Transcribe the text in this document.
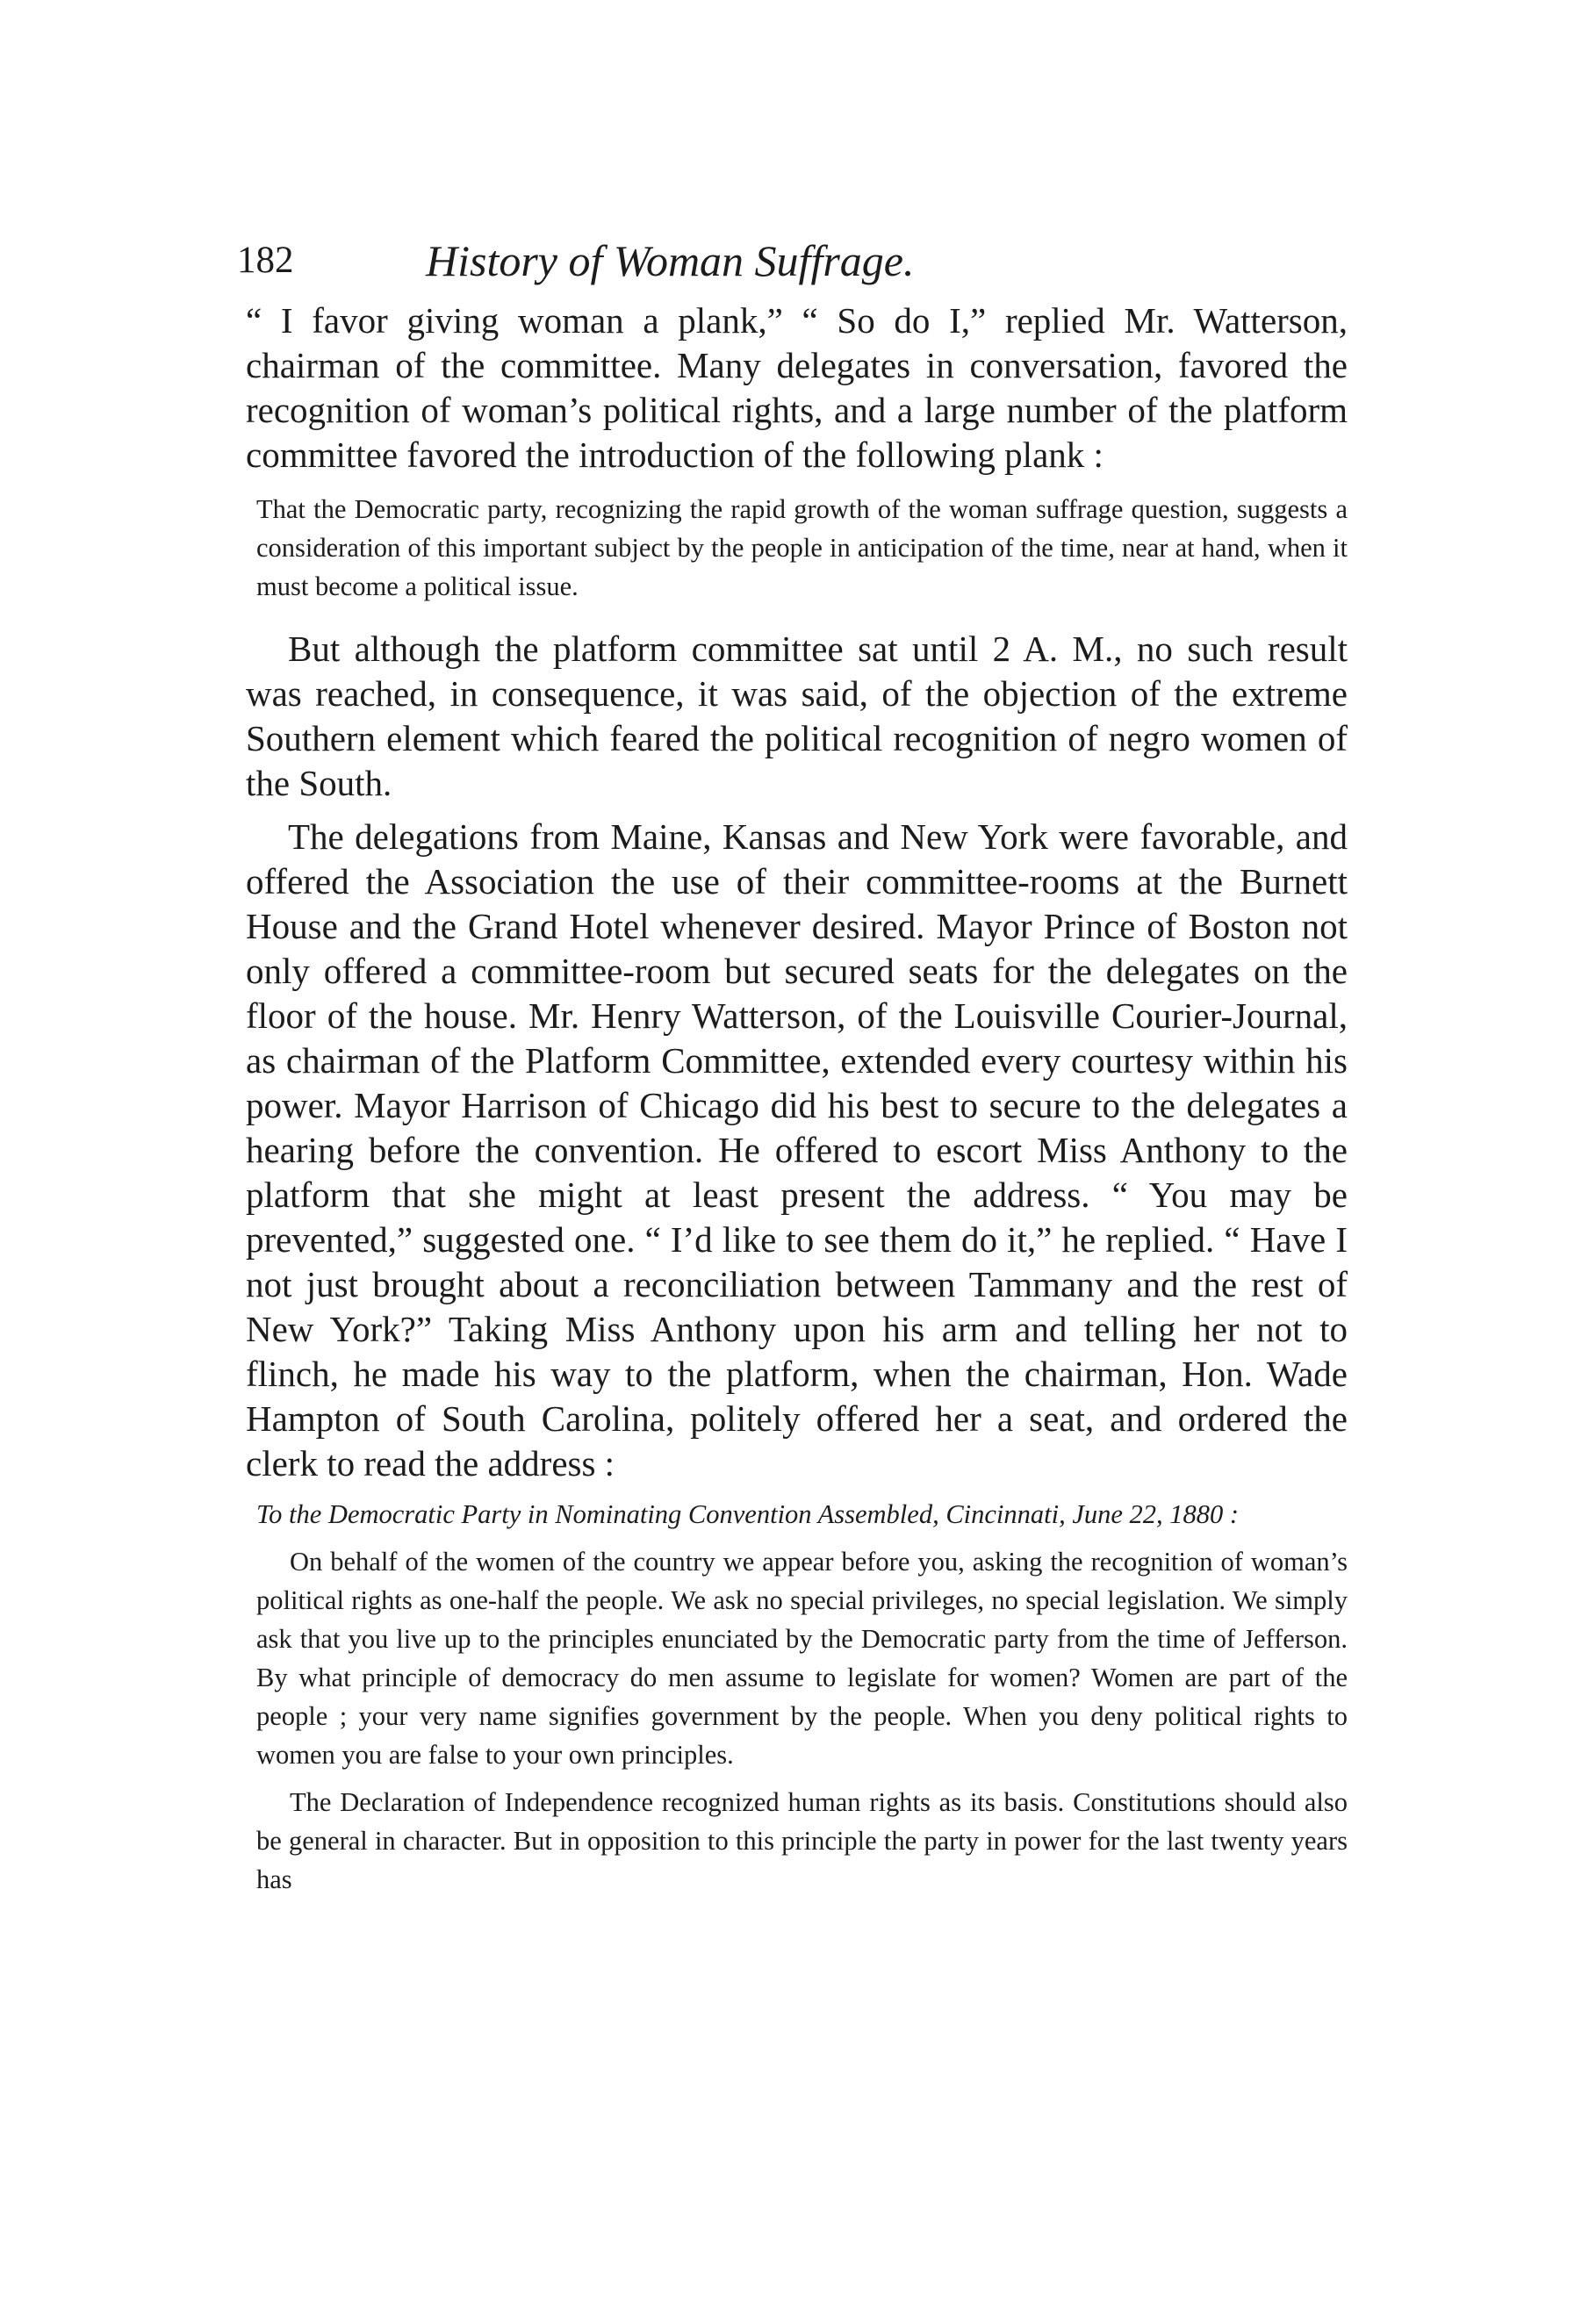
182	History of Woman Suffrage.

“ I favor giving woman a plank,” “ So do I,” replied Mr. Watterson, chairman of the committee. Many delegates in conversation, favored the recognition of woman’s political rights, and a large number of the platform committee favored the introduction of the following plank :

That the Democratic party, recognizing the rapid growth of the woman suffrage question, suggests a consideration of this important subject by the people in anticipation of the time, near at hand, when it must become a political issue.

But although the platform committee sat until 2 A. M., no such result was reached, in consequence, it was said, of the objection of the extreme Southern element which feared the political recognition of negro women of the South.

The delegations from Maine, Kansas and New York were favorable, and offered the Association the use of their committee-rooms at the Burnett House and the Grand Hotel whenever desired. Mayor Prince of Boston not only offered a committee-room but secured seats for the delegates on the floor of the house. Mr. Henry Watterson, of the Louisville Courier-Journal, as chairman of the Platform Committee, extended every courtesy within his power. Mayor Harrison of Chicago did his best to secure to the delegates a hearing before the convention. He offered to escort Miss Anthony to the platform that she might at least present the address. “ You may be prevented,” suggested one. “ I’d like to see them do it,” he replied. “ Have I not just brought about a reconciliation between Tammany and the rest of New York?” Taking Miss Anthony upon his arm and telling her not to flinch, he made his way to the platform, when the chairman, Hon. Wade Hampton of South Carolina, politely offered her a seat, and ordered the clerk to read the address :

To the Democratic Party in Nominating Convention Assembled, Cincinnati, June 22, 1880 :

On behalf of the women of the country we appear before you, asking the recognition of woman’s political rights as one-half the people. We ask no special privileges, no special legislation. We simply ask that you live up to the principles enunciated by the Democratic party from the time of Jefferson. By what principle of democracy do men assume to legislate for women? Women are part of the people ; your very name signifies government by the people. When you deny political rights to women you are false to your own principles.

The Declaration of Independence recognized human rights as its basis. Constitutions should also be general in character. But in opposition to this principle the party in power for the last twenty years has
